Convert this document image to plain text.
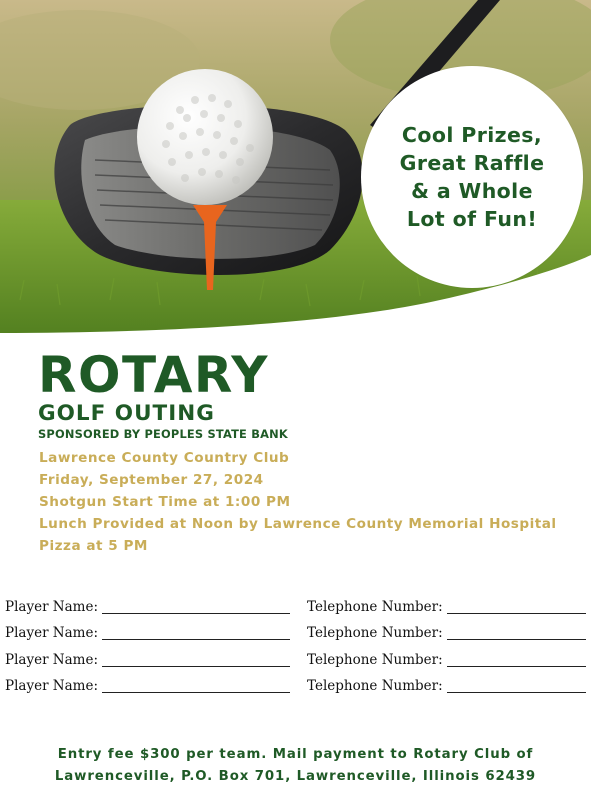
Cool Prizes,
Great Raffle
& a Whole
Lot of Fun!
ROTARY
GOLF OUTING
SPONSORED BY PEOPLES STATE BANK
Lawrence County Country Club
Friday, September 27, 2024
Shotgun Start Time at 1:00 PM
Lunch Provided at Noon by Lawrence County Memorial Hospital
Pizza at 5 PM
Player Name:	Telephone Number:
Player Name:	Telephone Number:
Player Name:	Telephone Number:
Player Name:	Telephone Number:
Entry fee $300 per team. Mail payment to Rotary Club of
Lawrenceville, P.O. Box 701, Lawrenceville, Illinois 62439
